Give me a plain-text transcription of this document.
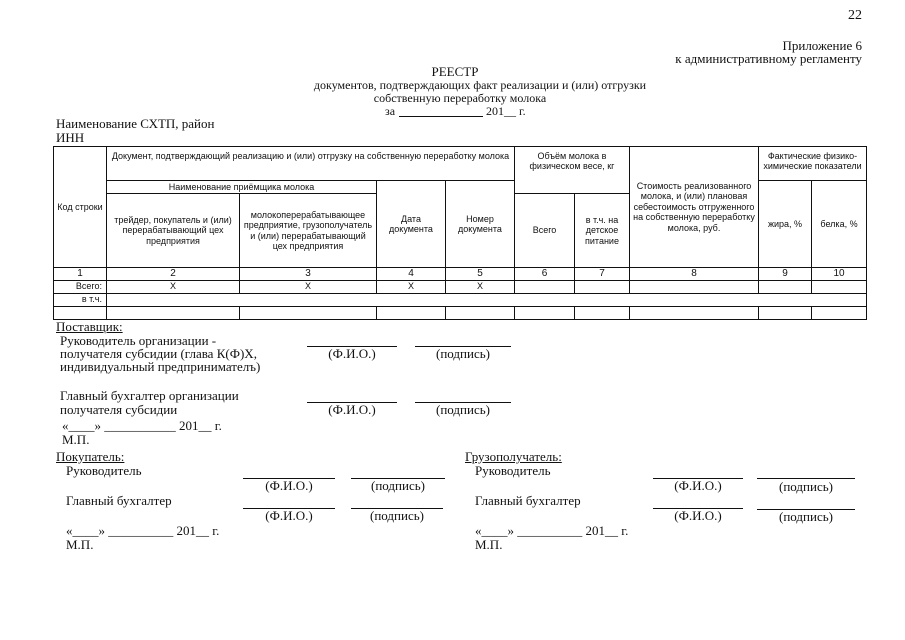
22
Приложение 6
к административному регламенту
РЕЕСТР
документов, подтверждающих факт реализации и (или) отгрузки
собственную переработку молока
за	201__ г.
Наименование СХТП, район
ИНН
Код строки	Документ, подтверждающий реализацию и (или) отгрузку на собственную переработку молока				Объём молока в физическом весе, кг		Стоимость реализованного молока, и (или) плановая себестоимость отгруженного на собственную переработку молока, руб.	Фактические физико-химические показатели	
	Наименование приёмщика молока		Дата документа	Номер документа				жира, %	белка, %
	трейдер, покупатель и (или) перерабатывающий цех предприятия	молокоперерабатывающее предприятие, грузополучатель и (или) перерабатывающий цех предприятия			Всего	в т.ч. на детское питание			
1	2	3	4	5	6	7	8	9	10
Всего:	Х	Х	Х	Х					
в т.ч.									

Поставщик:
Руководитель организации -
получателя субсидии (глава К(Ф)Х,
индивидуальный предпринимателъ)
(Ф.И.О.)	(подпись)
Главный бухгалтер организации
получателя субсидии	(Ф.И.О.)	(подпись)
«____» ___________ 201__ г.
М.П.
Покупатель:
Руководитель
(Ф.И.О.)	(подпись)
Главный бухгалтер
(Ф.И.О.)	(подпись)
«____» __________ 201__ г.
М.П.
Грузополучатель:
Руководитель
(Ф.И.О.)	(подпись)
Главный бухгалтер
(Ф.И.О.)	(подпись)
«____» __________ 201__ г.
М.П.
